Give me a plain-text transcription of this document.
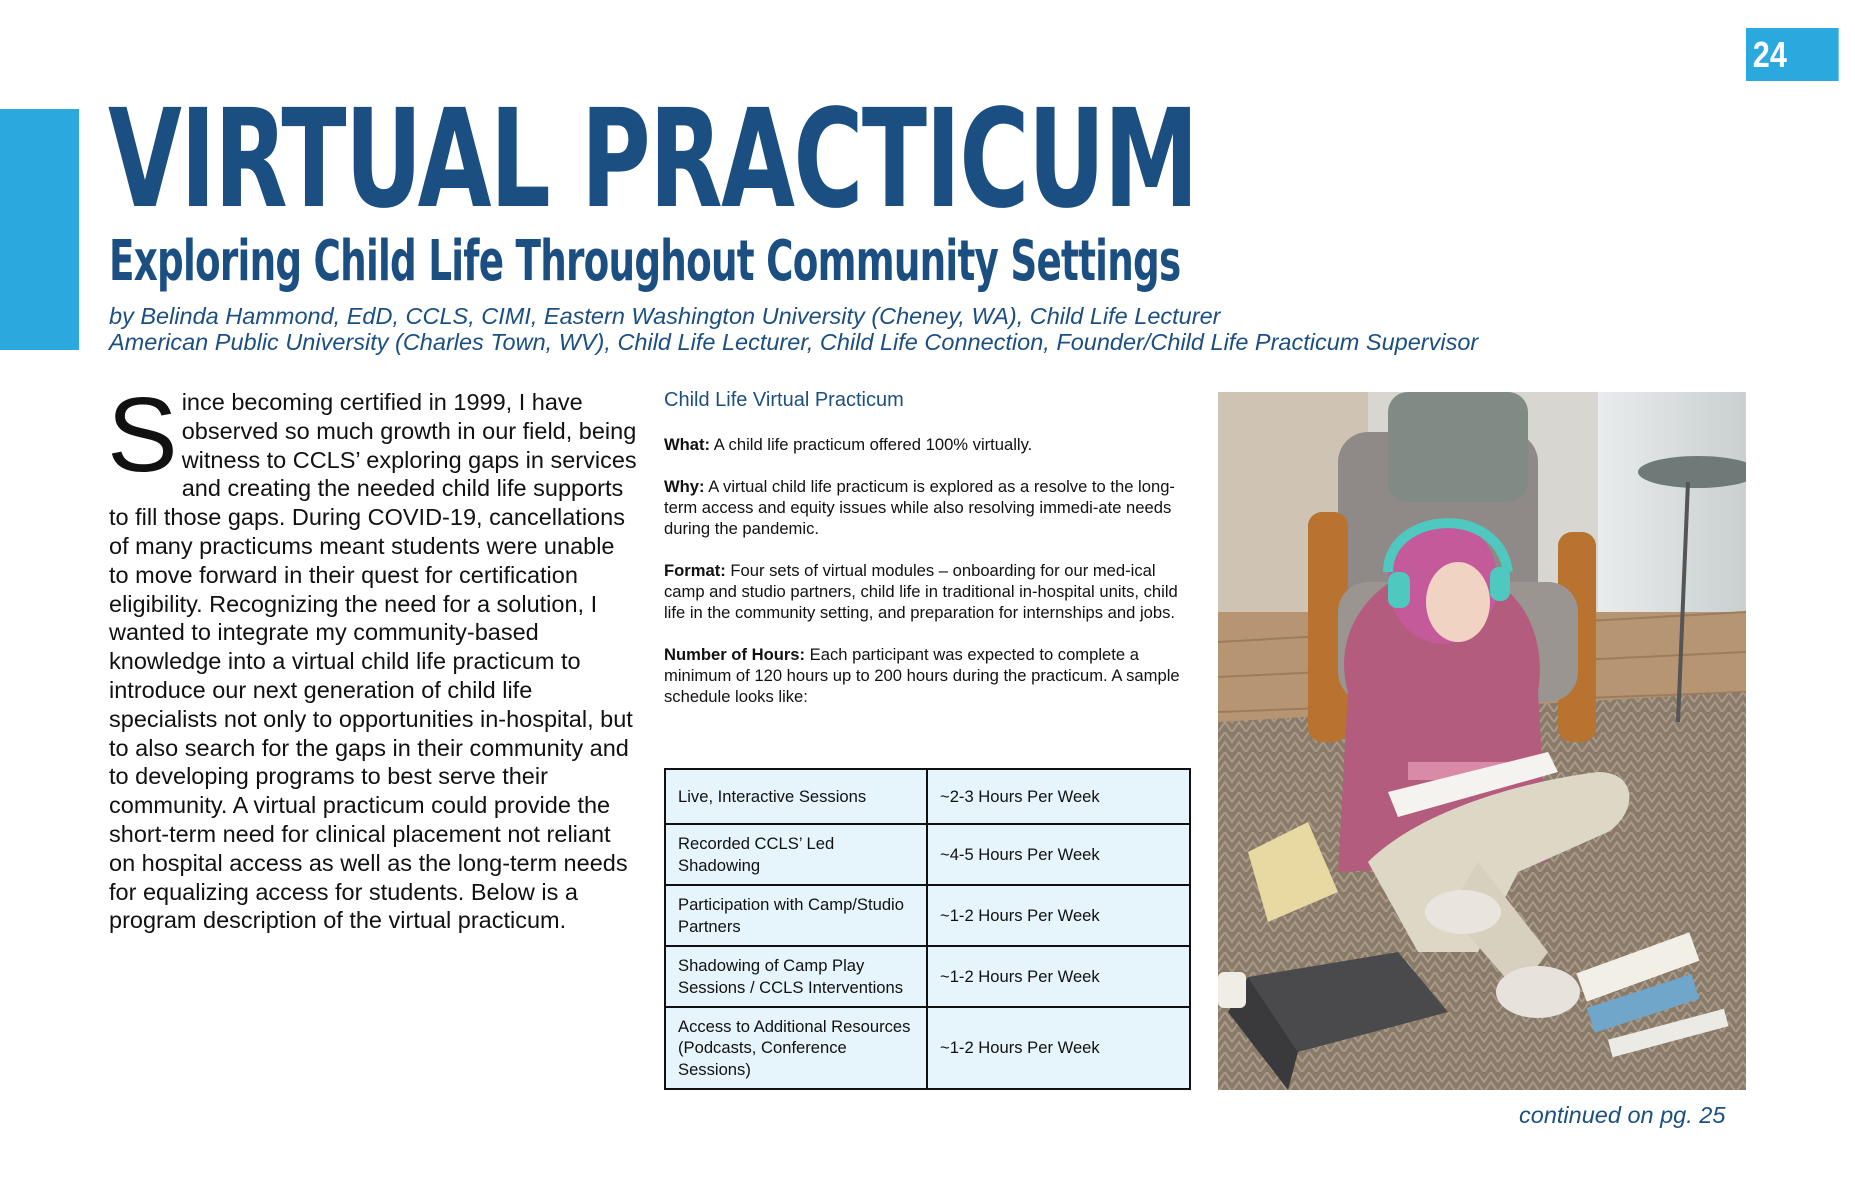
24
VIRTUAL PRACTICUM
Exploring Child Life Throughout Community Settings
by Belinda Hammond, EdD, CCLS, CIMI, Eastern Washington University (Cheney, WA), Child Life Lecturer
American Public University (Charles Town, WV), Child Life Lecturer, Child Life Connection, Founder/Child Life Practicum Supervisor
Since becoming certified in 1999, I have observed so much growth in our field, being witness to CCLS’ exploring gaps in services and creating the needed child life supports to fill those gaps. During COVID-19, cancellations of many practicums meant students were unable to move forward in their quest for certification eligibility. Recognizing the need for a solution, I wanted to integrate my community-based knowledge into a virtual child life practicum to introduce our next generation of child life specialists not only to opportunities in-hospital, but to also search for the gaps in their community and to developing programs to best serve their community. A virtual practicum could provide the short-term need for clinical placement not reliant on hospital access as well as the long-term needs for equalizing access for students. Below is a program description of the virtual practicum.
Child Life Virtual Practicum

What: A child life practicum offered 100% virtually.

Why: A virtual child life practicum is explored as a resolve to the long-term access and equity issues while also resolving immedi-ate needs during the pandemic.

Format: Four sets of virtual modules – onboarding for our med-ical camp and studio partners, child life in traditional in-hospital units, child life in the community setting, and preparation for internships and jobs.

Number of Hours: Each participant was expected to complete a minimum of 120 hours up to 200 hours during the practicum. A sample schedule looks like:

Live, Interactive Sessions	~2-3 Hours Per Week
Recorded CCLS’ Led Shadowing	~4-5 Hours Per Week
Participation with Camp/Studio Partners	~1-2 Hours Per Week
Shadowing of Camp Play Sessions / CCLS Interventions	~1-2 Hours Per Week
Access to Additional Resources (Podcasts, Conference Sessions)	~1-2 Hours Per Week
continued on pg. 25
